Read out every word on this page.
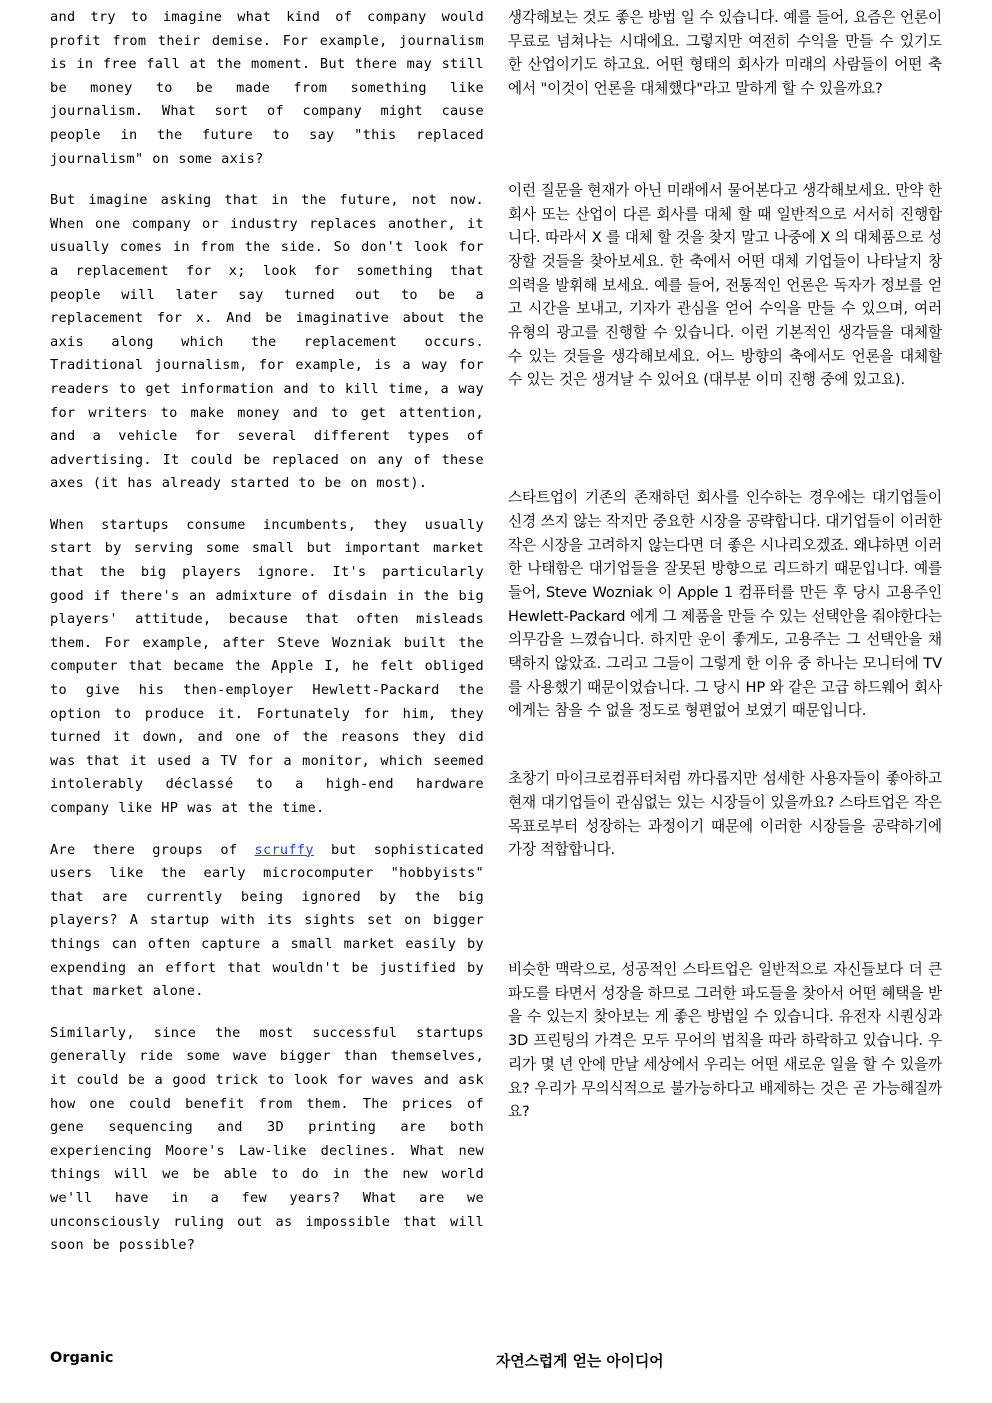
and try to imagine what kind of company would profit from their demise. For example, journalism is in free fall at the moment. But there may still be money to be made from something like journalism. What sort of company might cause people in the future to say "this replaced journalism" on some axis?

But imagine asking that in the future, not now. When one company or industry replaces another, it usually comes in from the side. So don't look for a replacement for x; look for something that people will later say turned out to be a replacement for x. And be imaginative about the axis along which the replacement occurs. Traditional journalism, for example, is a way for readers to get information and to kill time, a way for writers to make money and to get attention, and a vehicle for several different types of advertising. It could be replaced on any of these axes (it has already started to be on most).

When startups consume incumbents, they usually start by serving some small but important market that the big players ignore. It's particularly good if there's an admixture of disdain in the big players' attitude, because that often misleads them. For example, after Steve Wozniak built the computer that became the Apple I, he felt obliged to give his then-employer Hewlett-Packard the option to produce it. Fortunately for him, they turned it down, and one of the reasons they did was that it used a TV for a monitor, which seemed intolerably déclassé to a high-end hardware company like HP was at the time.

Are there groups of scruffy but sophisticated users like the early microcomputer "hobbyists" that are currently being ignored by the big players? A startup with its sights set on bigger things can often capture a small market easily by expending an effort that wouldn't be justified by that market alone.

Similarly, since the most successful startups generally ride some wave bigger than themselves, it could be a good trick to look for waves and ask how one could benefit from them. The prices of gene sequencing and 3D printing are both experiencing Moore's Law-like declines. What new things will we be able to do in the new world we'll have in a few years? What are we unconsciously ruling out as impossible that will soon be possible?

생각해보는 것도 좋은 방법 일 수 있습니다. 예를 들어, 요즘은 언론이 무료로 넘쳐나는 시대에요. 그렇지만 여전히 수익을 만들 수 있기도 한 산업이기도 하고요. 어떤 형태의 회사가 미래의 사람들이 어떤 축에서 "이것이 언론을 대체했다"라고 말하게 할 수 있을까요?

이런 질문을 현재가 아닌 미래에서 물어본다고 생각해보세요. 만약 한 회사 또는 산업이 다른 회사를 대체 할 때 일반적으로 서서히 진행합니다. 따라서 X 를 대체 할 것을 찾지 말고 나중에 X 의 대체품으로 성장할 것들을 찾아보세요. 한 축에서 어떤 대체 기업들이 나타날지 창의력을 발휘해 보세요. 예를 들어, 전통적인 언론은 독자가 정보를 얻고 시간을 보내고, 기자가 관심을 얻어 수익을 만들 수 있으며, 여러 유형의 광고를 진행할 수 있습니다. 이런 기본적인 생각들을 대체할 수 있는 것들을 생각해보세요. 어느 방향의 축에서도 언론을 대체할 수 있는 것은 생겨날 수 있어요 (대부분 이미 진행 중에 있고요).

스타트업이 기존의 존재하던 회사를 인수하는 경우에는 대기업들이 신경 쓰지 않는 작지만 중요한 시장을 공략합니다. 대기업들이 이러한 작은 시장을 고려하지 않는다면 더 좋은 시나리오겠죠. 왜냐하면 이러한 나태함은 대기업들을 잘못된 방향으로 리드하기 때문입니다. 예를 들어, Steve Wozniak 이 Apple 1 컴퓨터를 만든 후 당시 고용주인 Hewlett-Packard 에게 그 제품을 만들 수 있는 선택안을 줘야한다는 의무감을 느꼈습니다. 하지만 운이 좋게도, 고용주는 그 선택안을 채택하지 않았죠. 그리고 그들이 그렇게 한 이유 중 하나는 모니터에 TV 를 사용했기 때문이었습니다. 그 당시 HP 와 같은 고급 하드웨어 회사에게는 참을 수 없을 정도로 형편없어 보였기 때문입니다.

초창기 마이크로컴퓨터처럼 까다롭지만 섬세한 사용자들이 좋아하고 현재 대기업들이 관심없는 있는 시장들이 있을까요? 스타트업은 작은 목표로부터 성장하는 과정이기 때문에 이러한 시장들을 공략하기에 가장 적합합니다.

비슷한 맥락으로, 성공적인 스타트업은 일반적으로 자신들보다 더 큰 파도를 타면서 성장을 하므로 그러한 파도들을 찾아서 어떤 혜택을 받을 수 있는지 찾아보는 게 좋은 방법일 수 있습니다. 유전자 시퀀싱과 3D 프린팅의 가격은 모두 무어의 법칙을 따라 하락하고 있습니다. 우리가 몇 년 안에 만날 세상에서 우리는 어떤 새로운 일을 할 수 있을까요? 우리가 무의식적으로 불가능하다고 배제하는 것은 곧 가능해질까요?

Organic	자연스럽게 얻는 아이디어
